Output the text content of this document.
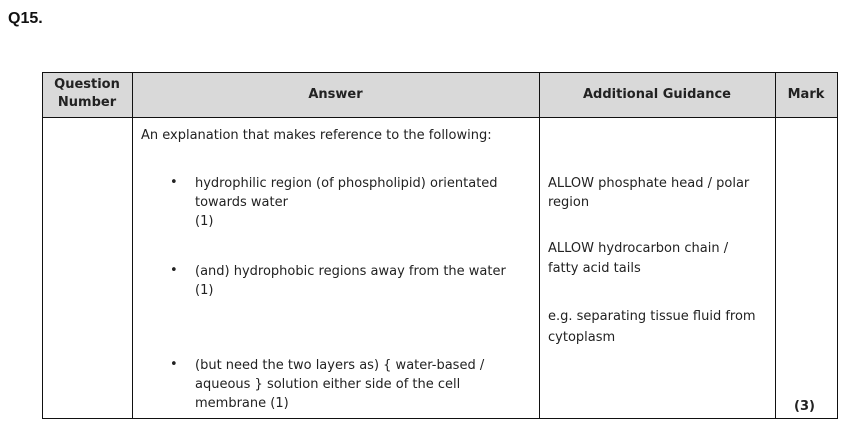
Q15.
Question
Number
Answer	Additional Guidance	Mark
An explanation that makes reference to the following:
• hydrophilic region (of phospholipid) orientated
towards water
(1)
• (and) hydrophobic regions away from the water
(1)
• (but need the two layers as) { water-based /
aqueous } solution either side of the cell
membrane (1)
ALLOW phosphate head / polar
region
ALLOW hydrocarbon chain /
fatty acid tails
e.g. separating tissue fluid from
cytoplasm
(3)
